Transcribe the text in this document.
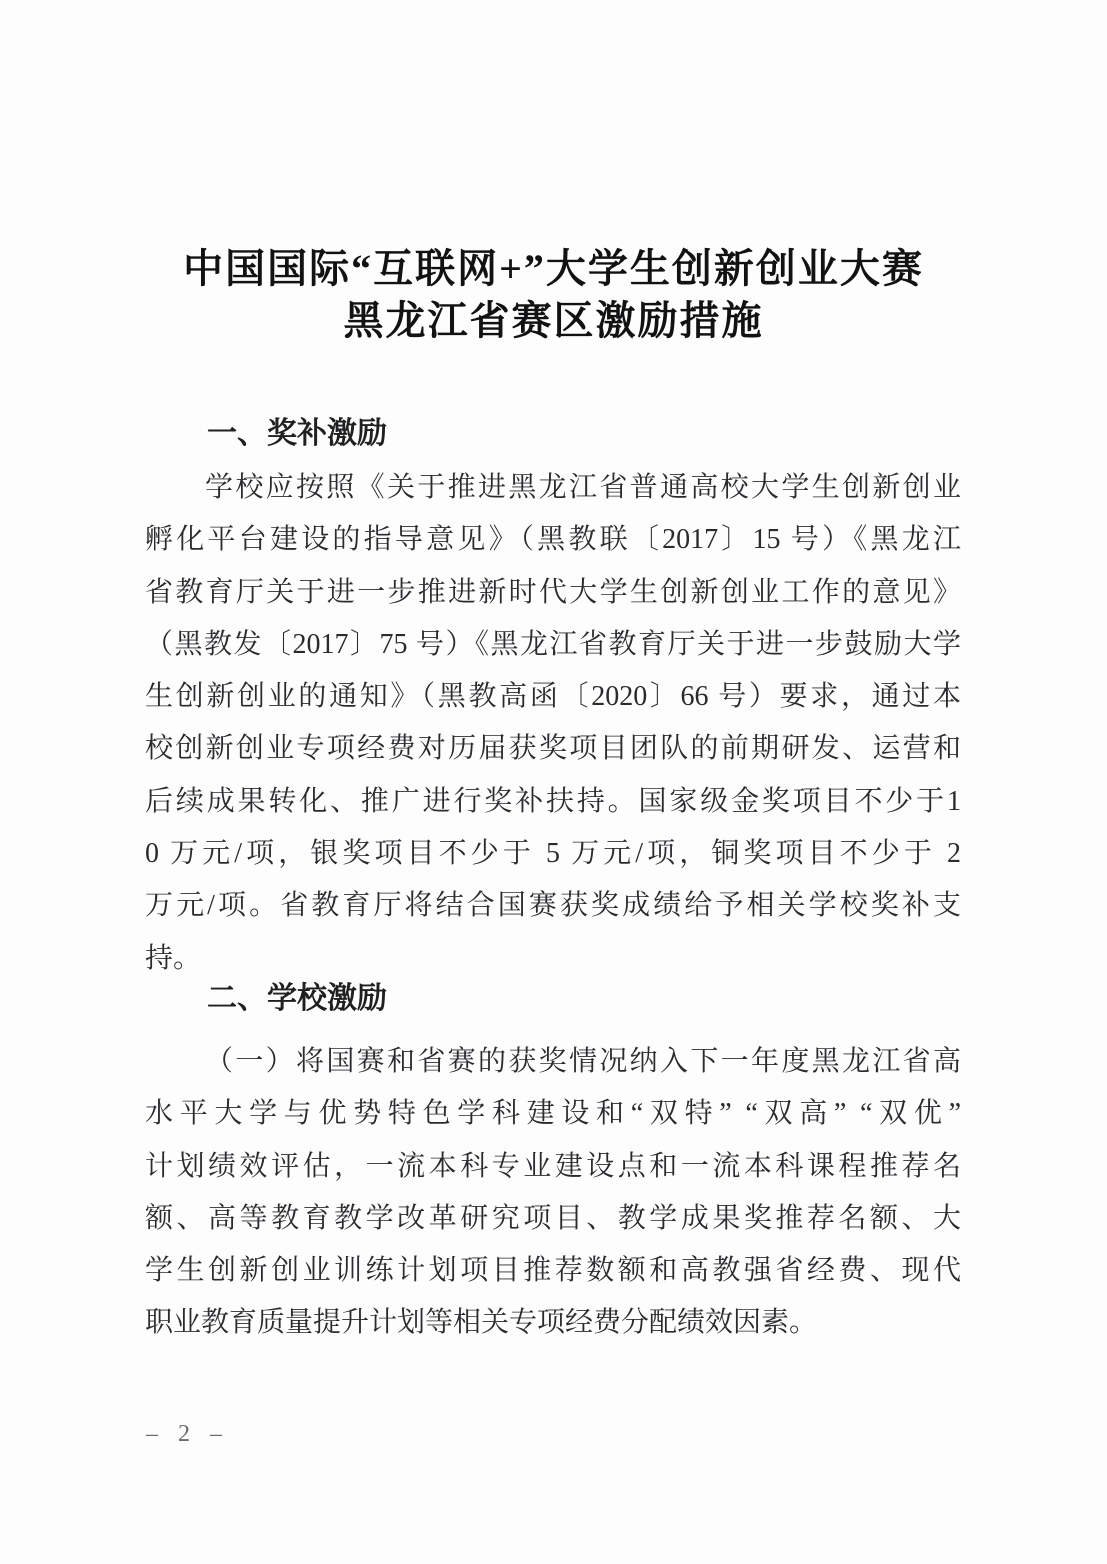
中国国际“互联网+”大学生创新创业大赛
黑龙江省赛区激励措施
一、奖补激励
学校应按照《关于推进黑龙江省普通高校大学生创新创业
孵化平台建设的指导意见》（黑教联〔2017〕15 号）《黑龙江
省教育厅关于进一步推进新时代大学生创新创业工作的意见》
（黑教发〔2017〕75 号）《黑龙江省教育厅关于进一步鼓励大学
生创新创业的通知》（黑教高函〔2020〕66 号）要求，通过本
校创新创业专项经费对历届获奖项目团队的前期研发、运营和
后续成果转化、推广进行奖补扶持。国家级金奖项目不少于1
0 万元/项，银奖项目不少于 5 万元/项，铜奖项目不少于 2
万元/项。省教育厅将结合国赛获奖成绩给予相关学校奖补支
持。
二、学校激励
（一）将国赛和省赛的获奖情况纳入下一年度黑龙江省高
水平大学与优势特色学科建设和“双特” “双高” “双优”
计划绩效评估，一流本科专业建设点和一流本科课程推荐名
额、高等教育教学改革研究项目、教学成果奖推荐名额、大
学生创新创业训练计划项目推荐数额和高教强省经费、现代
职业教育质量提升计划等相关专项经费分配绩效因素。
– 2 –
